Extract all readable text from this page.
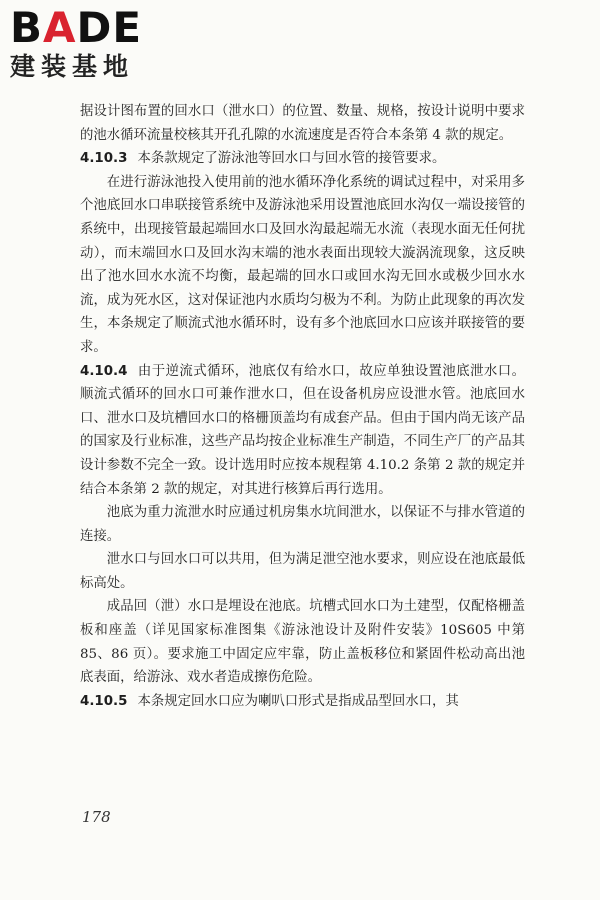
BADE
建装基地

据设计图布置的回水口（泄水口）的位置、数量、规格，按设计说明中要求的池水循环流量校核其开孔孔隙的水流速度是否符合本条第 4 款的规定。

4.10.3 本条款规定了游泳池等回水口与回水管的接管要求。

在进行游泳池投入使用前的池水循环净化系统的调试过程中，对采用多个池底回水口串联接管系统中及游泳池采用设置池底回水沟仅一端设接管的系统中，出现接管最起端回水口及回水沟最起端无水流（表现水面无任何扰动），而末端回水口及回水沟末端的池水表面出现较大漩涡流现象，这反映出了池水回水水流不均衡，最起端的回水口或回水沟无回水或极少回水水流，成为死水区，这对保证池内水质均匀极为不利。为防止此现象的再次发生，本条规定了顺流式池水循环时，设有多个池底回水口应该并联接管的要求。

4.10.4 由于逆流式循环，池底仅有给水口，故应单独设置池底泄水口。顺流式循环的回水口可兼作泄水口，但在设备机房应设泄水管。池底回水口、泄水口及坑槽回水口的格栅顶盖均有成套产品。但由于国内尚无该产品的国家及行业标准，这些产品均按企业标准生产制造，不同生产厂的产品其设计参数不完全一致。设计选用时应按本规程第 4.10.2 条第 2 款的规定并结合本条第 2 款的规定，对其进行核算后再行选用。

池底为重力流泄水时应通过机房集水坑间泄水，以保证不与排水管道的连接。

泄水口与回水口可以共用，但为满足泄空池水要求，则应设在池底最低标高处。

成品回（泄）水口是埋设在池底。坑槽式回水口为土建型，仅配格栅盖板和座盖（详见国家标准图集《游泳池设计及附件安装》10S605 中第 85、86 页）。要求施工中固定应牢靠，防止盖板移位和紧固件松动高出池底表面，给游泳、戏水者造成擦伤危险。

4.10.5 本条规定回水口应为喇叭口形式是指成品型回水口，其

178
